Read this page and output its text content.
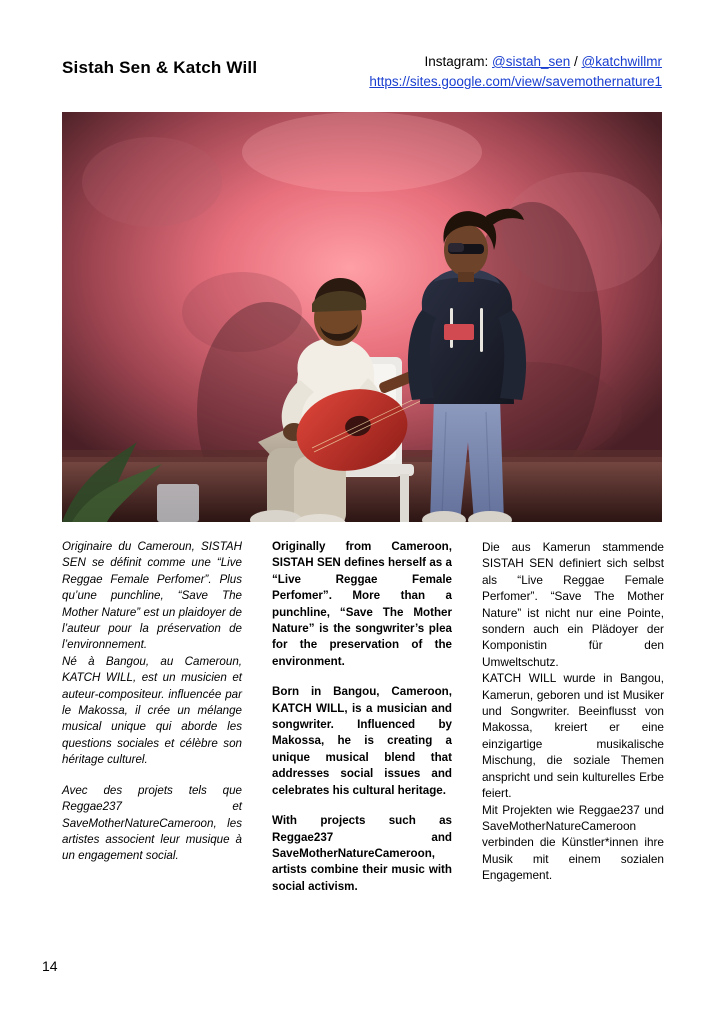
Sistah Sen & Katch Will	Instagram: @sistah_sen / @katchwillmr
https://sites.google.com/view/savemothernature1

Originaire du Cameroun, SISTAH SEN se définit comme une “Live Reggae Female Perfomer”. Plus qu’une punchline, “Save The Mother Nature” est un plaidoyer de l’auteur pour la préservation de l’environnement.

Né à Bangou, au Cameroun, KATCH WILL, est un musicien et auteur-compositeur. influencée par le Makossa, il crée un mélange musical unique qui aborde les questions sociales et célèbre son héritage culturel.

Avec des projets tels que Reggae237 et SaveMotherNatureCameroon, les artistes associent leur musique à un engagement social.

Originally from Cameroon, SISTAH SEN defines herself as a “Live Reggae Female Perfomer”. More than a punchline, “Save The Mother Nature” is the songwriter’s plea for the preservation of the environment.

Born in Bangou, Cameroon, KATCH WILL, is a musician and songwriter. Influenced by Makossa, he is creating a unique musical blend that addresses social issues and celebrates his cultural heritage.

With projects such as Reggae237 and SaveMotherNatureCameroon, artists combine their music with social activism.

Die aus Kamerun stammende SISTAH SEN definiert sich selbst als “Live Reggae Female Perfomer”. “Save The Mother Nature” ist nicht nur eine Pointe, sondern auch ein Plädoyer der Komponistin für den Umweltschutz.

KATCH WILL wurde in Bangou, Kamerun, geboren und ist Musiker und Songwriter. Beeinflusst von Makossa, kreiert er eine einzigartige musikalische Mischung, die soziale Themen anspricht und sein kulturelles Erbe feiert.

Mit Projekten wie Reggae237 und SaveMotherNatureCameroon verbinden die Künstler*innen ihre Musik mit einem sozialen Engagement.

14
